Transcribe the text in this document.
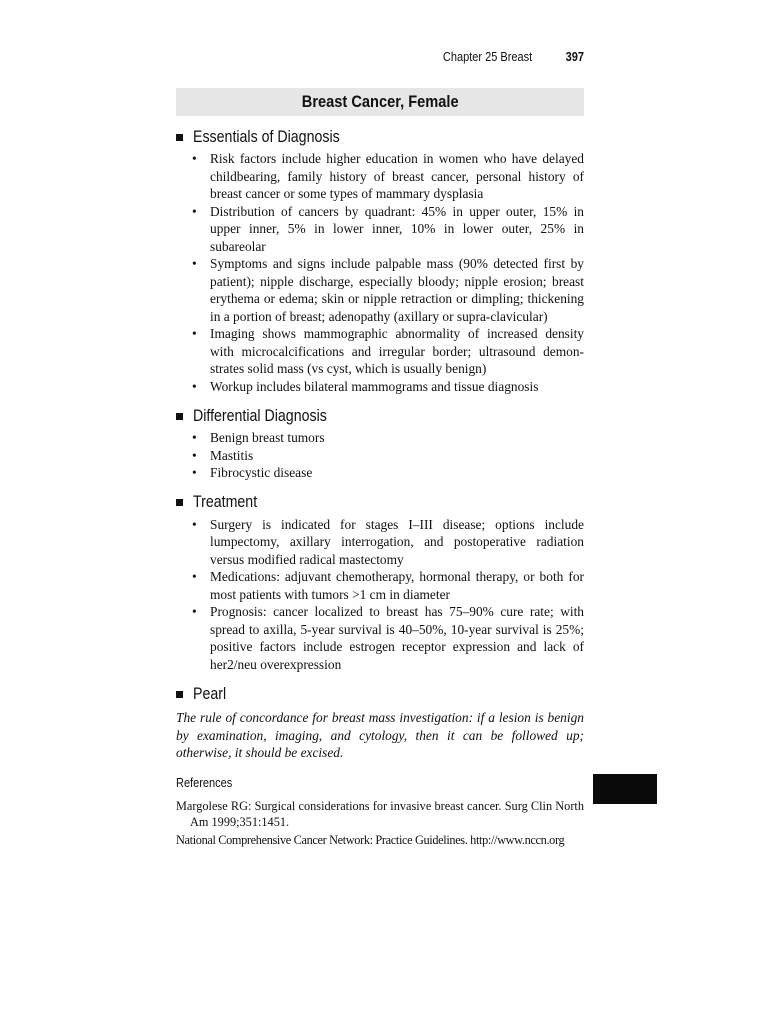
Chapter 25 Breast	397
Breast Cancer, Female
Essentials of Diagnosis
• Risk factors include higher education in women who have delayed childbearing, family history of breast cancer, personal history of breast cancer or some types of mammary dysplasia
• Distribution of cancers by quadrant: 45% in upper outer, 15% in upper inner, 5% in lower inner, 10% in lower outer, 25% in subareolar
• Symptoms and signs include palpable mass (90% detected first by patient); nipple discharge, especially bloody; nipple erosion; breast erythema or edema; skin or nipple retraction or dimpling; thickening in a portion of breast; adenopathy (axillary or supra-clavicular)
• Imaging shows mammographic abnormality of increased density with microcalcifications and irregular border; ultrasound demon-strates solid mass (vs cyst, which is usually benign)
• Workup includes bilateral mammograms and tissue diagnosis
Differential Diagnosis
• Benign breast tumors
• Mastitis
• Fibrocystic disease
Treatment
• Surgery is indicated for stages I–III disease; options include lumpectomy, axillary interrogation, and postoperative radiation versus modified radical mastectomy
• Medications: adjuvant chemotherapy, hormonal therapy, or both for most patients with tumors >1 cm in diameter
• Prognosis: cancer localized to breast has 75–90% cure rate; with spread to axilla, 5-year survival is 40–50%, 10-year survival is 25%; positive factors include estrogen receptor expression and lack of her2/neu overexpression
Pearl

The rule of concordance for breast mass investigation: if a lesion is benign by examination, imaging, and cytology, then it can be followed up; otherwise, it should be excised.

References
Margolese RG: Surgical considerations for invasive breast cancer. Surg Clin North Am 1999;351:1451.
National Comprehensive Cancer Network: Practice Guidelines. http://www.nccn.org
